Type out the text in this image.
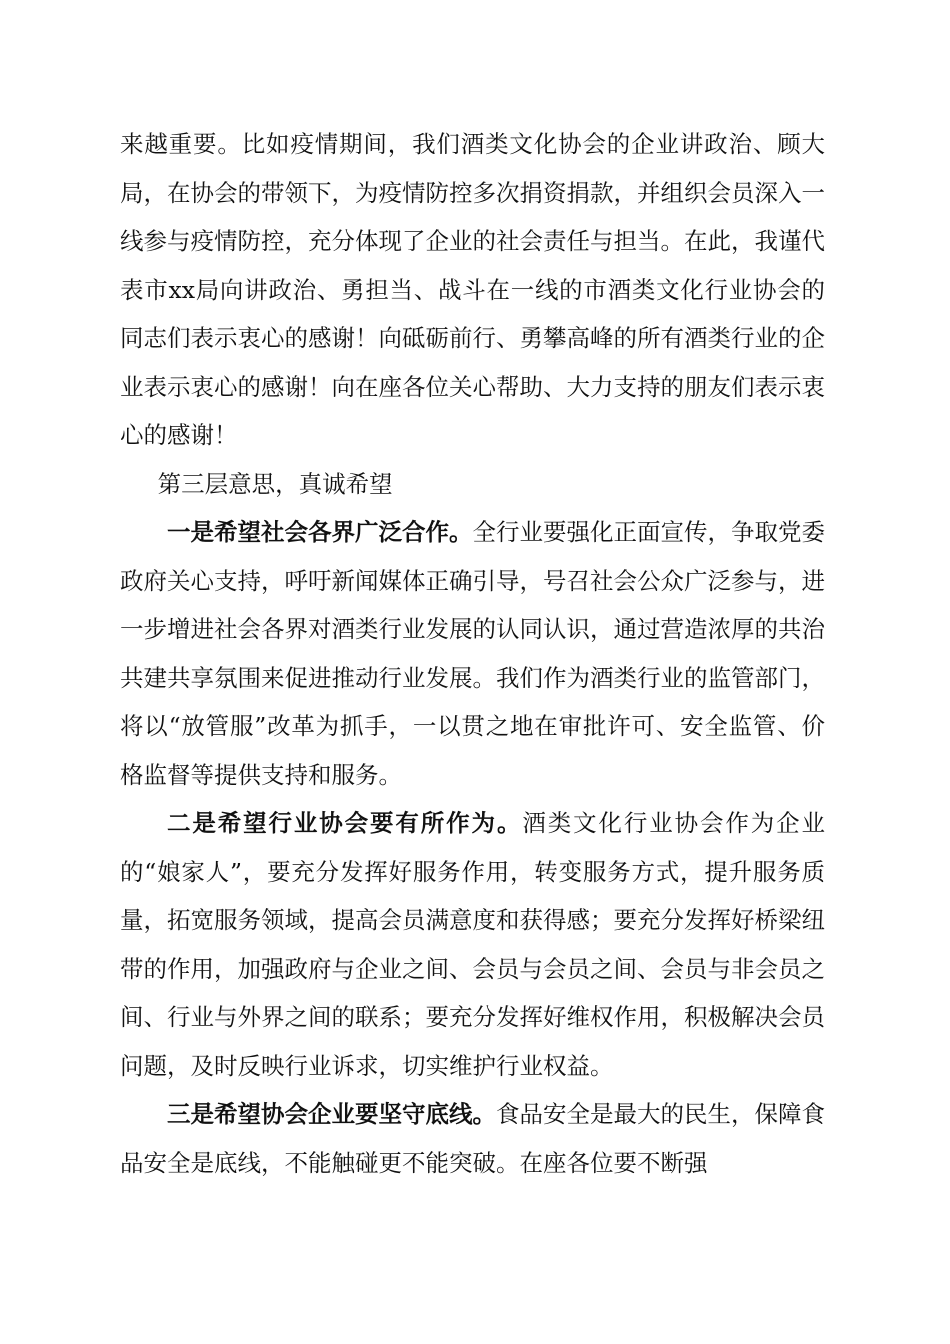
来越重要。比如疫情期间，我们酒类文化协会的企业讲政治、顾大局，在协会的带领下，为疫情防控多次捐资捐款，并组织会员深入一线参与疫情防控，充分体现了企业的社会责任与担当。在此，我谨代表市xx局向讲政治、勇担当、战斗在一线的市酒类文化行业协会的同志们表示衷心的感谢！向砥砺前行、勇攀高峰的所有酒类行业的企业表示衷心的感谢！向在座各位关心帮助、大力支持的朋友们表示衷心的感谢！

第三层意思，真诚希望

一是希望社会各界广泛合作。全行业要强化正面宣传，争取党委政府关心支持，呼吁新闻媒体正确引导，号召社会公众广泛参与，进一步增进社会各界对酒类行业发展的认同认识，通过营造浓厚的共治共建共享氛围来促进推动行业发展。我们作为酒类行业的监管部门，将以“放管服”改革为抓手，一以贯之地在审批许可、安全监管、价格监督等提供支持和服务。

二是希望行业协会要有所作为。酒类文化行业协会作为企业的“娘家人”，要充分发挥好服务作用，转变服务方式，提升服务质量，拓宽服务领域，提高会员满意度和获得感；要充分发挥好桥梁纽带的作用，加强政府与企业之间、会员与会员之间、会员与非会员之间、行业与外界之间的联系；要充分发挥好维权作用，积极解决会员问题，及时反映行业诉求，切实维护行业权益。

三是希望协会企业要坚守底线。食品安全是最大的民生，保障食品安全是底线，不能触碰更不能突破。在座各位要不断强
